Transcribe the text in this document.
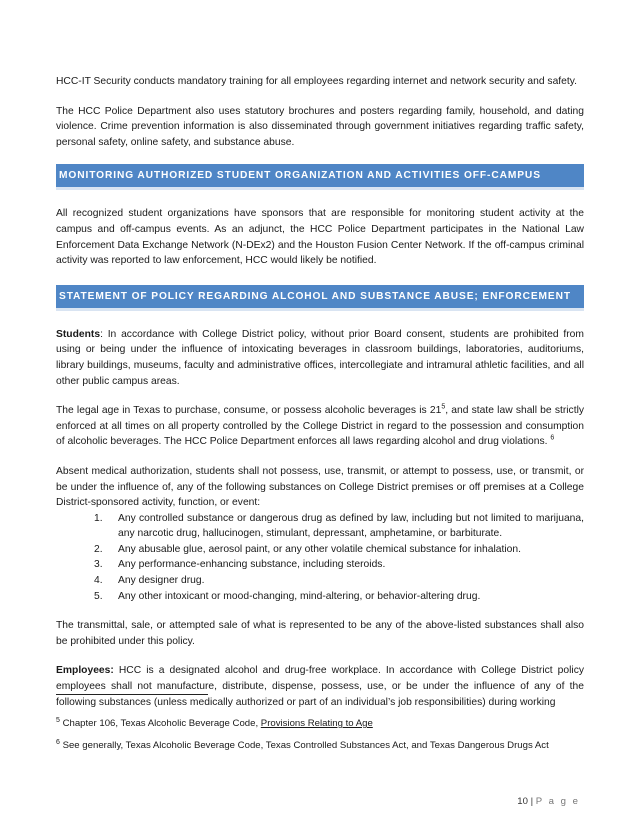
HCC-IT Security conducts mandatory training for all employees regarding internet and network security and safety.

The HCC Police Department also uses statutory brochures and posters regarding family, household, and dating violence. Crime prevention information is also disseminated through government initiatives regarding traffic safety, personal safety, online safety, and substance abuse.

MONITORING AUTHORIZED STUDENT ORGANIZATION AND ACTIVITIES OFF-CAMPUS

All recognized student organizations have sponsors that are responsible for monitoring student activity at the campus and off-campus events. As an adjunct, the HCC Police Department participates in the National Law Enforcement Data Exchange Network (N-DEx2) and the Houston Fusion Center Network. If the off-campus criminal activity was reported to law enforcement, HCC would likely be notified.

STATEMENT OF POLICY REGARDING ALCOHOL AND SUBSTANCE ABUSE; ENFORCEMENT

Students: In accordance with College District policy, without prior Board consent, students are prohibited from using or being under the influence of intoxicating beverages in classroom buildings, laboratories, auditoriums, library buildings, museums, faculty and administrative offices, intercollegiate and intramural athletic facilities, and all other public campus areas.

The legal age in Texas to purchase, consume, or possess alcoholic beverages is $21^5$, and state law shall be strictly enforced at all times on all property controlled by the College District in regard to the possession and consumption of alcoholic beverages. The HCC Police Department enforces all laws regarding alcohol and drug violations. $^6$

Absent medical authorization, students shall not possess, use, transmit, or attempt to possess, use, or transmit, or be under the influence of, any of the following substances on College District premises or off premises at a College District-sponsored activity, function, or event:

1.	Any controlled substance or dangerous drug as defined by law, including but not limited to marijuana, any narcotic drug, hallucinogen, stimulant, depressant, amphetamine, or barbiturate.
2.	Any abusable glue, aerosol paint, or any other volatile chemical substance for inhalation.
3.	Any performance-enhancing substance, including steroids.
4.	Any designer drug.
5.	Any other intoxicant or mood-changing, mind-altering, or behavior-altering drug.

The transmittal, sale, or attempted sale of what is represented to be any of the above-listed substances shall also be prohibited under this policy.

Employees: HCC is a designated alcohol and drug-free workplace. In accordance with College District policy employees shall not manufacture, distribute, dispense, possess, use, or be under the influence of any of the following substances (unless medically authorized or part of an individual’s job responsibilities) during working

$^5$ Chapter 106, Texas Alcoholic Beverage Code, Provisions Relating to Age
$^6$ See generally, Texas Alcoholic Beverage Code, Texas Controlled Substances Act, and Texas Dangerous Drugs Act
10 | P a g e
